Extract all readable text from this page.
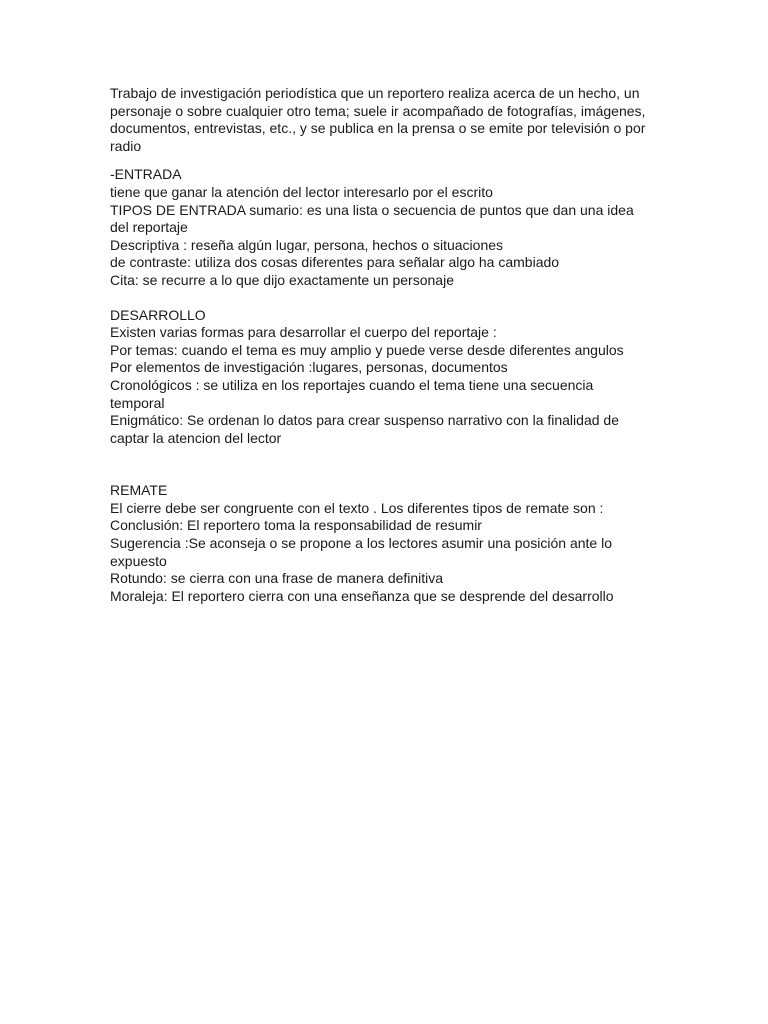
Trabajo de investigación periodística que un reportero realiza acerca de un hecho, un
personaje o sobre cualquier otro tema; suele ir acompañado de fotografías, imágenes,
documentos, entrevistas, etc., y se publica en la prensa o se emite por televisión o por
radio
-ENTRADA
tiene que ganar la atención del lector interesarlo por el escrito
TIPOS DE ENTRADA sumario: es una lista o secuencia de puntos que dan una idea
del reportaje
Descriptiva : reseña algún lugar, persona, hechos o situaciones
de contraste: utiliza dos cosas diferentes para señalar algo ha cambiado
Cita: se recurre a lo que dijo exactamente un personaje
DESARROLLO
Existen varias formas para desarrollar el cuerpo del reportaje :
Por temas: cuando el tema es muy amplio y puede verse desde diferentes angulos
Por elementos de investigación :lugares, personas, documentos
Cronológicos : se utiliza en los reportajes cuando el tema tiene una secuencia
temporal
Enigmático: Se ordenan lo datos para crear suspenso narrativo con la finalidad de
captar la atencion del lector
REMATE
El cierre debe ser congruente con el texto . Los diferentes tipos de remate son :
Conclusión: El reportero toma la responsabilidad de resumir
Sugerencia :Se aconseja o se propone a los lectores asumir una posición ante lo
expuesto
Rotundo: se cierra con una frase de manera definitiva
Moraleja: El reportero cierra con una enseñanza que se desprende del desarrollo
